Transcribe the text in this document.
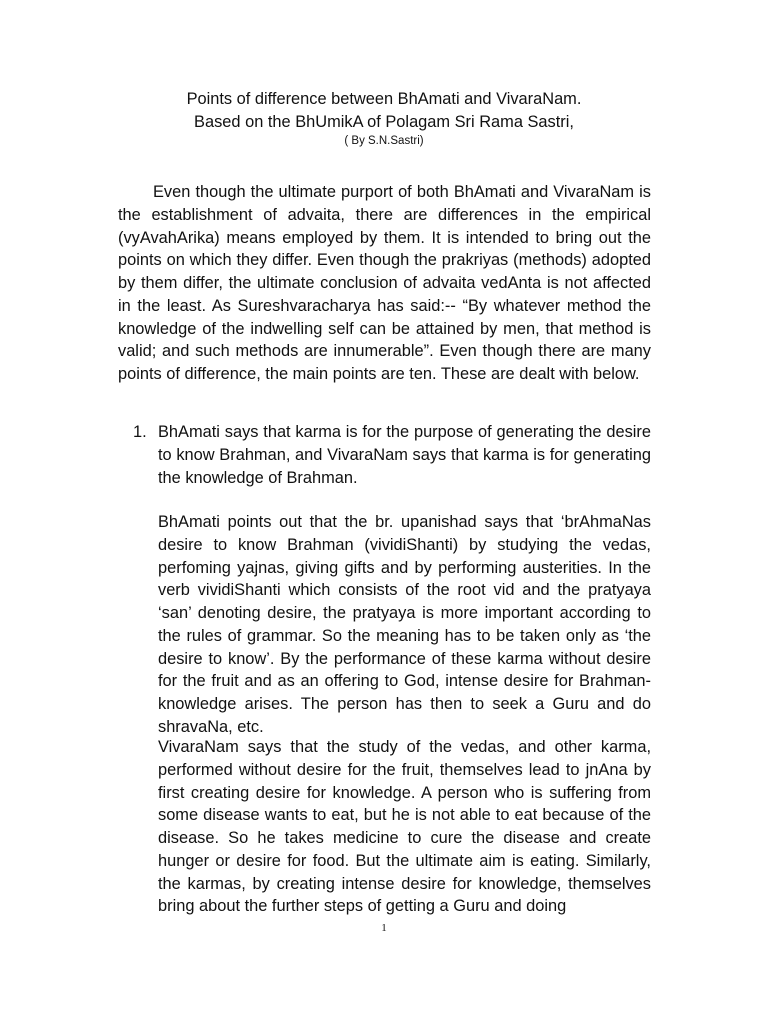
Points of difference between BhAmati and VivaraNam.

Based on the BhUmikA of Polagam Sri Rama Sastri,

( By S.N.Sastri)

Even though the ultimate purport of both BhAmati and VivaraNam is the establishment of advaita, there are differences in the empirical (vyAvahArika) means employed by them. It is intended to bring out the points on which they differ. Even though the prakriyas (methods) adopted by them differ, the ultimate conclusion of advaita vedAnta is not affected in the least. As Sureshvaracharya has said:-- “By whatever method the knowledge of the indwelling self can be attained by men, that method is valid; and such methods are innumerable”. Even though there are many points of difference, the main points are ten. These are dealt with below.

1. BhAmati says that karma is for the purpose of generating the desire to know Brahman, and VivaraNam says that karma is for generating the knowledge of Brahman.

BhAmati points out that the br. upanishad says that ‘brAhmaNas desire to know Brahman (vividiShanti) by studying the vedas, perfoming yajnas, giving gifts and by performing austerities. In the verb vividiShanti which consists of the root vid and the pratyaya ‘san’ denoting desire, the pratyaya is more important according to the rules of grammar. So the meaning has to be taken only as ‘the desire to know’. By the performance of these karma without desire for the fruit and as an offering to God, intense desire for Brahman-knowledge arises. The person has then to seek a Guru and do shravaNa, etc.

VivaraNam says that the study of the vedas, and other karma, performed without desire for the fruit, themselves lead to jnAna by first creating desire for knowledge. A person who is suffering from some disease wants to eat, but he is not able to eat because of the disease. So he takes medicine to cure the disease and create hunger or desire for food. But the ultimate aim is eating. Similarly, the karmas, by creating intense desire for knowledge, themselves bring about the further steps of getting a Guru and doing

1
